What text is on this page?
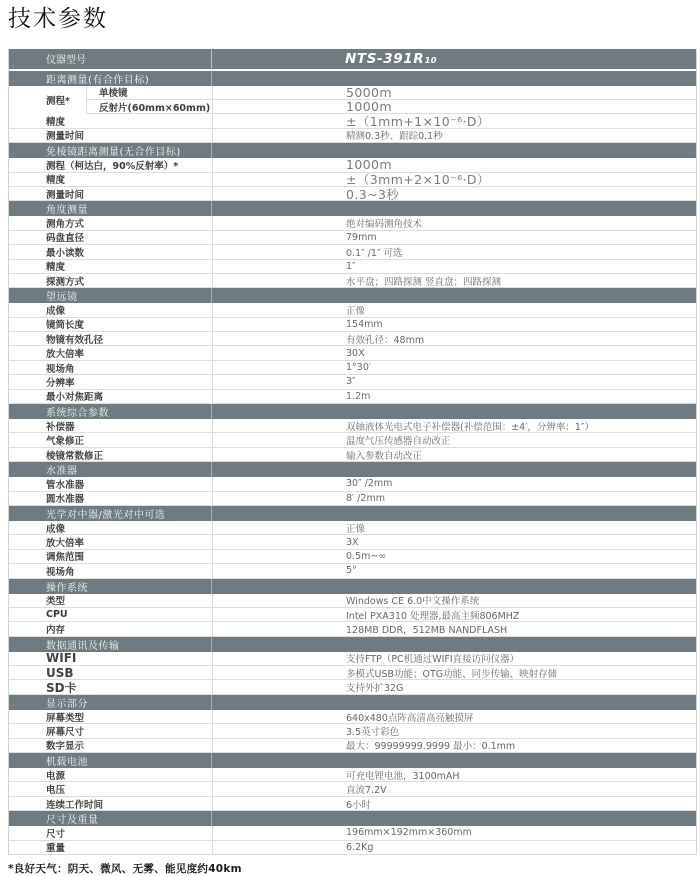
技术参数
仪器型号	NTS-391R₁₀
距离测量(有合作目标)
测程*
单棱镜	5000m
反射片(60mm×60mm)	1000m
精度	±（1mm+1×10⁻⁶·D）
测量时间	精测0.3秒、跟踪0.1秒
免棱镜距离测量(无合作目标)
测程（柯达白，90%反射率）*	1000m
精度	±（3mm+2×10⁻⁶·D）
测量时间	0.3~3秒
角度测量
测角方式	绝对编码测角技术
码盘直径	79mm
最小读数	0.1″ /1″ 可选
精度	1″
探测方式	水平盘；四路探测 竖直盘；四路探测
望远镜
成像	正像
镜筒长度	154mm
物镜有效孔径	有效孔径：48mm
放大倍率	30X
视场角	1°30′
分辨率	3″
最小对焦距离	1.2m
系统综合参数
补偿器	双轴液体光电式电子补偿器(补偿范围：±4′，分辨率：1″）
气象修正	温度气压传感器自动改正
棱镜常数修正	输入参数自动改正
水准器
管水准器	30″ /2mm
圆水准器	8′ /2mm
光学对中器/激光对中可选
成像	正像
放大倍率	3X
调焦范围	0.5m~∞
视场角	5°
操作系统
类型	Windows CE 6.0中文操作系统
CPU	Intel PXA310 处理器,最高主频806MHZ
内存	128MB DDR，512MB NANDFLASH
数据通讯及传输
WIFI	支持FTP（PC机通过WIFI直接访问仪器）
USB	多模式USB功能；OTG功能、同步传输、映射存储
SD卡	支持外扩32G
显示部分
屏幕类型	640x480点阵高清高亮触摸屏
屏幕尺寸	3.5英寸彩色
数字显示	最大：99999999.9999 最小：0.1mm
机载电池
电源	可充电锂电池，3100mAH
电压	直流7.2V
连续工作时间	6小时
尺寸及重量
尺寸	196mm×192mm×360mm
重量	6.2Kg
*良好天气：阴天、微风、无雾、能见度约40km
